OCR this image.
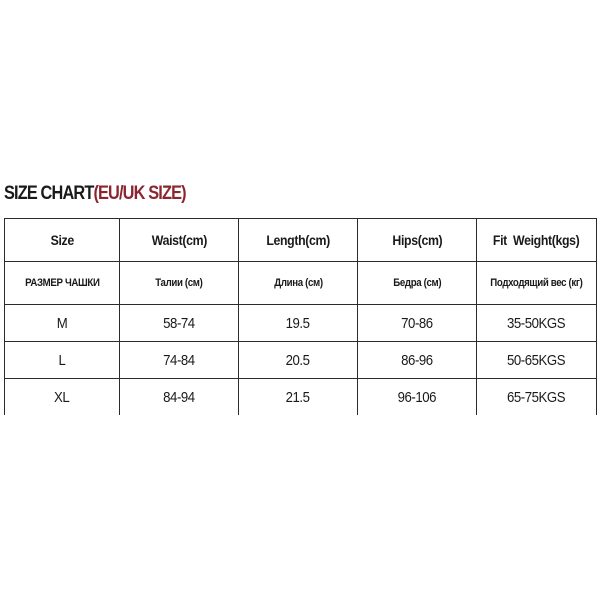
SIZE CHART(EU/UK SIZE)
Size	Waist(cm)	Length(cm)	Hips(cm)	Fit  Weight(kgs)
РАЗМЕР ЧАШКИ	Талии (см)	Длина (см)	Бедра (см)	Подходящий вес (кг)
M	58-74	19.5	70-86	35-50KGS
L	74-84	20.5	86-96	50-65KGS
XL	84-94	21.5	96-106	65-75KGS
